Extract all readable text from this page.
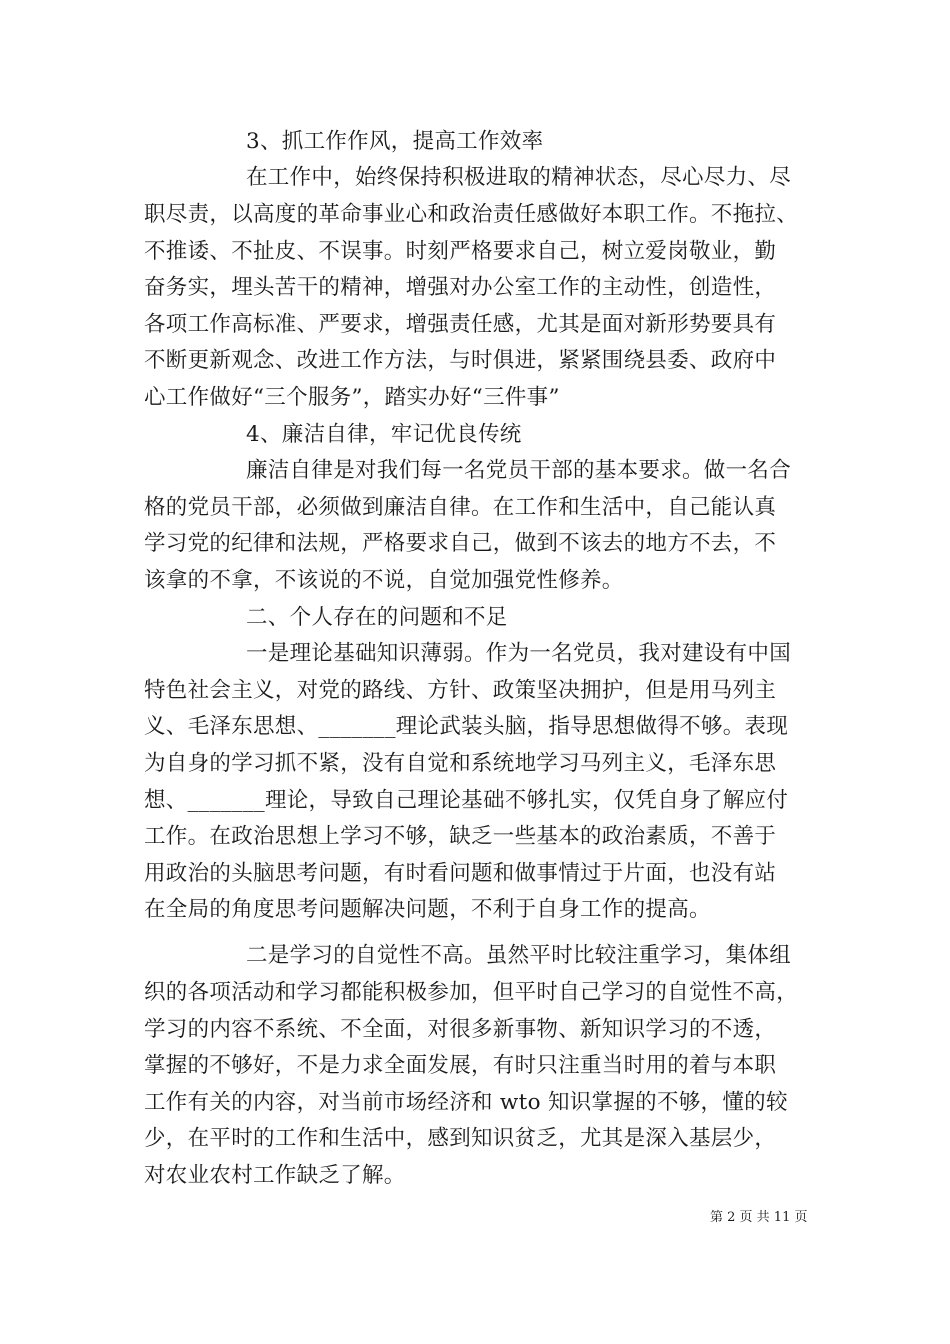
3、抓工作作风，提高工作效率
在工作中，始终保持积极进取的精神状态，尽心尽力、尽
职尽责，以高度的革命事业心和政治责任感做好本职工作。不拖拉、
不推诿、不扯皮、不误事。时刻严格要求自己，树立爱岗敬业，勤
奋务实，埋头苦干的精神，增强对办公室工作的主动性，创造性，
各项工作高标准、严要求，增强责任感，尤其是面对新形势要具有
不断更新观念、改进工作方法，与时俱进，紧紧围绕县委、政府中
心工作做好“三个服务”，踏实办好“三件事”
4、廉洁自律，牢记优良传统
廉洁自律是对我们每一名党员干部的基本要求。做一名合
格的党员干部，必须做到廉洁自律。在工作和生活中，自己能认真
学习党的纪律和法规，严格要求自己，做到不该去的地方不去，不
该拿的不拿，不该说的不说，自觉加强党性修养。
二、个人存在的问题和不足
一是理论基础知识薄弱。作为一名党员，我对建设有中国
特色社会主义，对党的路线、方针、政策坚决拥护，但是用马列主
义、毛泽东思想、_______理论武装头脑，指导思想做得不够。表现
为自身的学习抓不紧，没有自觉和系统地学习马列主义，毛泽东思
想、_______理论，导致自己理论基础不够扎实，仅凭自身了解应付
工作。在政治思想上学习不够，缺乏一些基本的政治素质，不善于
用政治的头脑思考问题，有时看问题和做事情过于片面，也没有站
在全局的角度思考问题解决问题，不利于自身工作的提高。
二是学习的自觉性不高。虽然平时比较注重学习，集体组
织的各项活动和学习都能积极参加，但平时自己学习的自觉性不高，
学习的内容不系统、不全面，对很多新事物、新知识学习的不透，
掌握的不够好，不是力求全面发展，有时只注重当时用的着与本职
工作有关的内容，对当前市场经济和 wto 知识掌握的不够，懂的较
少，在平时的工作和生活中，感到知识贫乏，尤其是深入基层少，
对农业农村工作缺乏了解。
第 2 页 共 11 页
